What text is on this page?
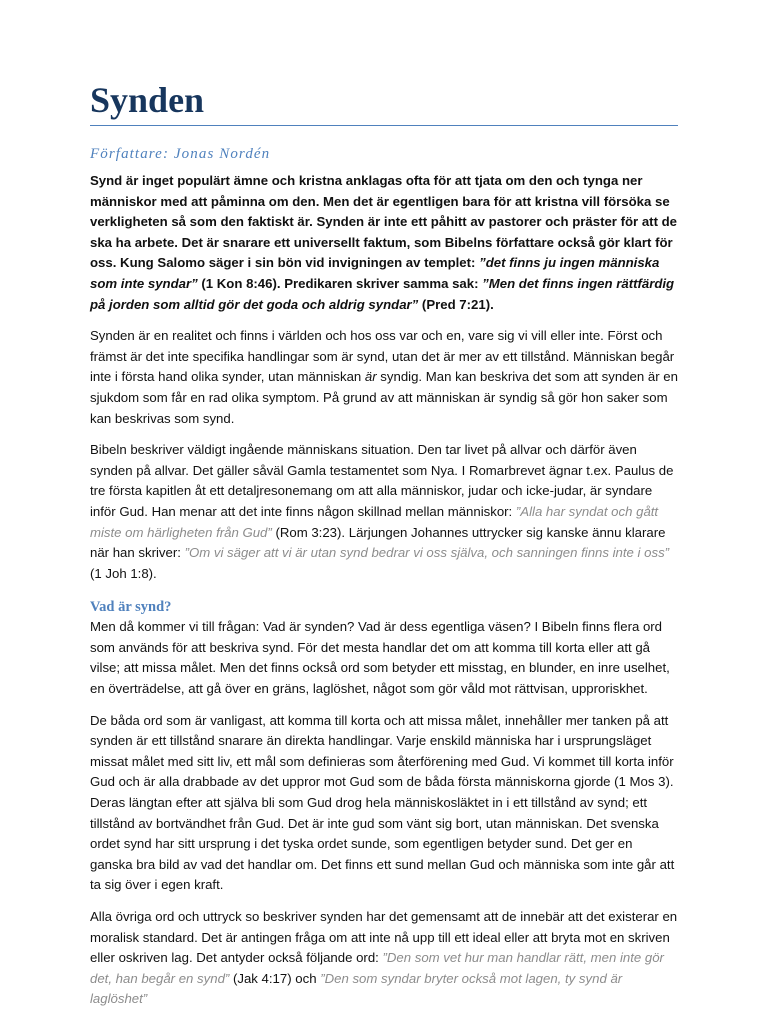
Synden
Författare: Jonas Nordén

Synd är inget populärt ämne och kristna anklagas ofta för att tjata om den och tynga ner människor med att påminna om den. Men det är egentligen bara för att kristna vill försöka se verkligheten så som den faktiskt är. Synden är inte ett påhitt av pastorer och präster för att de ska ha arbete. Det är snarare ett universellt faktum, som Bibelns författare också gör klart för oss. Kung Salomo säger i sin bön vid invigningen av templet: ”det finns ju ingen människa som inte syndar” (1 Kon 8:46). Predikaren skriver samma sak: ”Men det finns ingen rättfärdig på jorden som alltid gör det goda och aldrig syndar” (Pred 7:21).

Synden är en realitet och finns i världen och hos oss var och en, vare sig vi vill eller inte. Först och främst är det inte specifika handlingar som är synd, utan det är mer av ett tillstånd. Människan begår inte i första hand olika synder, utan människan är syndig. Man kan beskriva det som att synden är en sjukdom som får en rad olika symptom. På grund av att människan är syndig så gör hon saker som kan beskrivas som synd.

Bibeln beskriver väldigt ingående människans situation. Den tar livet på allvar och därför även synden på allvar. Det gäller såväl Gamla testamentet som Nya. I Romarbrevet ägnar t.ex. Paulus de tre första kapitlen åt ett detaljresonemang om att alla människor, judar och icke-judar, är syndare inför Gud. Han menar att det inte finns någon skillnad mellan människor: ”Alla har syndat och gått miste om härligheten från Gud” (Rom 3:23). Lärjungen Johannes uttrycker sig kanske ännu klarare när han skriver: ”Om vi säger att vi är utan synd bedrar vi oss själva, och sanningen finns inte i oss” (1 Joh 1:8).

Vad är synd?

Men då kommer vi till frågan: Vad är synden? Vad är dess egentliga väsen? I Bibeln finns flera ord som används för att beskriva synd. För det mesta handlar det om att komma till korta eller att gå vilse; att missa målet. Men det finns också ord som betyder ett misstag, en blunder, en inre uselhet, en överträdelse, att gå över en gräns, laglöshet, något som gör våld mot rättvisan, upproriskhet.

De båda ord som är vanligast, att komma till korta och att missa målet, innehåller mer tanken på att synden är ett tillstånd snarare än direkta handlingar. Varje enskild människa har i ursprungsläget missat målet med sitt liv, ett mål som definieras som återförening med Gud. Vi kommet till korta inför Gud och är alla drabbade av det uppror mot Gud som de båda första människorna gjorde (1 Mos 3). Deras längtan efter att själva bli som Gud drog hela människosläktet in i ett tillstånd av synd; ett tillstånd av bortvändhet från Gud. Det är inte gud som vänt sig bort, utan människan. Det svenska ordet synd har sitt ursprung i det tyska ordet sunde, som egentligen betyder sund. Det ger en ganska bra bild av vad det handlar om. Det finns ett sund mellan Gud och människa som inte går att ta sig över i egen kraft.

Alla övriga ord och uttryck so beskriver synden har det gemensamt att de innebär att det existerar en moralisk standard. Det är antingen fråga om att inte nå upp till ett ideal eller att bryta mot en skriven eller oskriven lag. Det antyder också följande ord: ”Den som vet hur man handlar rätt, men inte gör det, han begår en synd” (Jak 4:17) och ”Den som syndar bryter också mot lagen, ty synd är laglöshet”
